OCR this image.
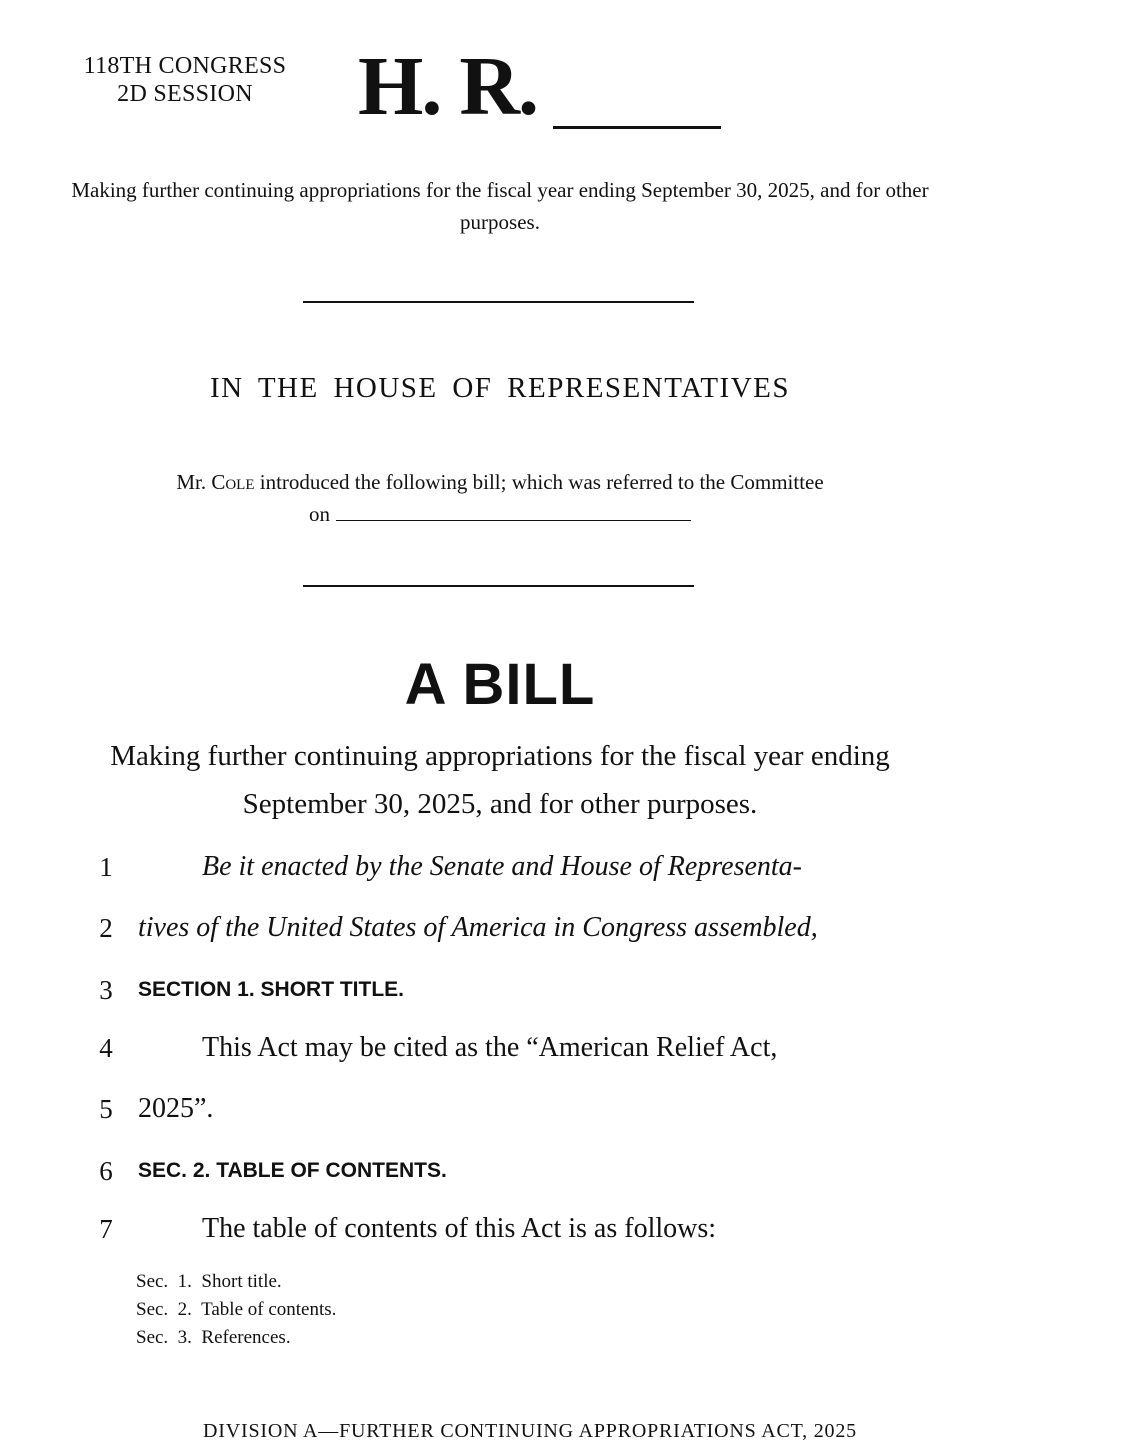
118TH CONGRESS
2D SESSION	H. R.
Making further continuing appropriations for the fiscal year ending September 30, 2025, and for other purposes.
IN THE HOUSE OF REPRESENTATIVES
Mr. Cole introduced the following bill; which was referred to the Committee
on
A BILL
Making further continuing appropriations for the fiscal year ending September 30, 2025, and for other purposes.
1	Be it enacted by the Senate and House of Representa-
2 tives of the United States of America in Congress assembled,
3	SECTION 1. SHORT TITLE.
4	This Act may be cited as the “American Relief Act,
5 2025”.
6	SEC. 2. TABLE OF CONTENTS.
7	The table of contents of this Act is as follows:
Sec.  1.  Short title.
Sec.  2.  Table of contents.
Sec.  3.  References.
DIVISION A—FURTHER CONTINUING APPROPRIATIONS ACT, 2025
